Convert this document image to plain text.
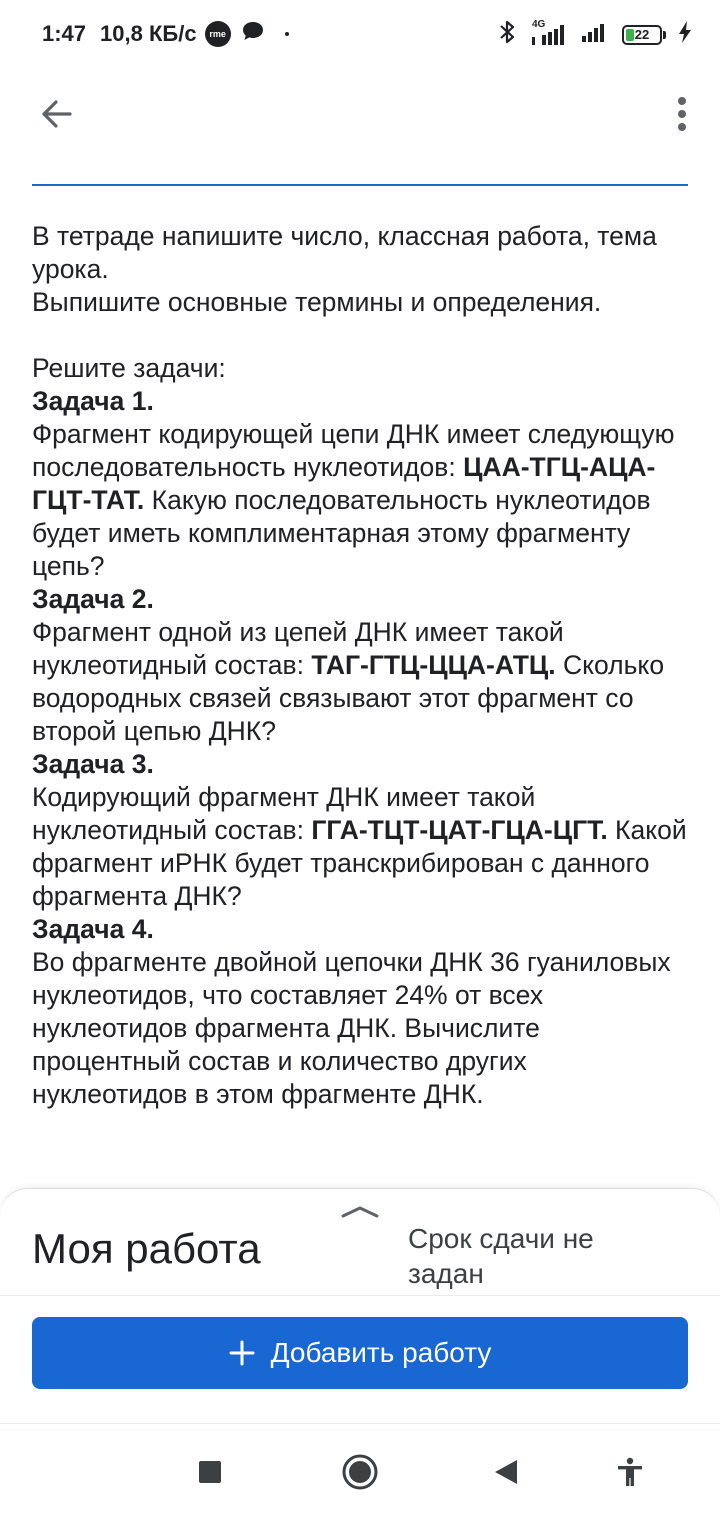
1:47 10,8 КБ/с	rme
4G
22

В тетраде напишите число, классная работа, тема урока.

Выпишите основные термины и определения.

Решите задачи:

Задача 1.

Фрагмент кодирующей цепи ДНК имеет следующую последовательность нуклеотидов: ЦАА-ТГЦ-АЦА-ГЦТ-ТАТ. Какую последовательность нуклеотидов будет иметь комплиментарная этому фрагменту цепь?

Задача 2.

Фрагмент одной из цепей ДНК имеет такой нуклеотидный состав: ТАГ-ГТЦ-ЦЦА-АТЦ. Сколько водородных связей связывают этот фрагмент со второй цепью ДНК?

Задача 3.

Кодирующий фрагмент ДНК имеет такой нуклеотидный состав: ГГА-ТЦТ-ЦАТ-ГЦА-ЦГТ. Какой фрагмент иРНК будет транскрибирован с данного фрагмента ДНК?

Задача 4.

Во фрагменте двойной цепочки ДНК 36 гуаниловых нуклеотидов, что составляет 24% от всех нуклеотидов фрагмента ДНК. Вычислите процентный состав и количество других нуклеотидов в этом фрагменте ДНК.

Моя работа	Срок сдачи не задан
Добавить работу
